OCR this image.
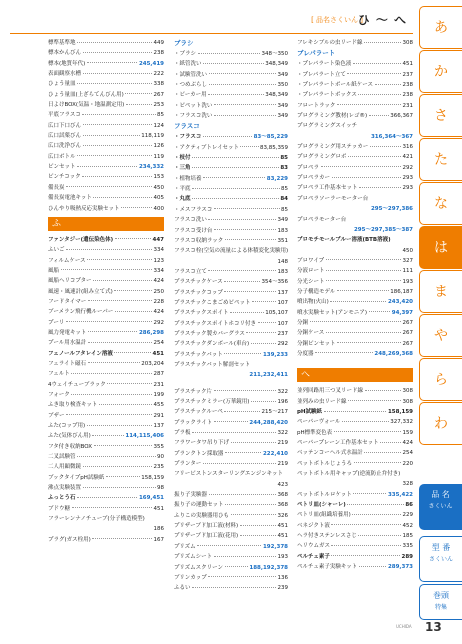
[ 品名さくいん ]
ひ ～ へ
標準基準地	449
標本かんびん	238
標本(地質年代)	245,419
表面観察水槽	222
ひょう量皿	338
ひょう量皿(上ざらてんびん用)	267
日よけBOX(気温・地温測定用)	253
平底フラスコ	85
広口下口びん	124
広口試薬びん	118,119
広口洗浄びん	126
広口ボトル	119
ピンセット	234,332
ピンチコック	153
備長炭	450
備長炭電池キット	405
ひんやり吸熱反応実験セット	400
ふ
ファンタジー(遺伝染色体)	447
ふいご	334
フィルムケース	123
風船	334
風船ヘリコプター	424
風速・風速計(組み立て式)	250
フードタイマー	228
ブーメラン飛行機ルーパー	424
プーリ	292
風力発電キット	286,298
プール用水温計	254
フェノールフタレイン溶液	451
フェライト磁石	203,204
フェルト	287
4ウェイチューブラック	231
フォーク	199
ふき取り検査キット	455
ブザー	291
ふた(コップ用)	137
ふた(気体びん用)	114,115,406
フタ付き収納BOX	355
二叉試験管	90
二人用顕微鏡	235
ブックタイプpH試験紙	158,159
沸点実験装置	98
ふっとう石	169,451
ブドウ糖	451
フラーレンナノチューブ(分子構造模型)
186
プラグ(ガス栓用)	167
ブラシ
・ブラシ	348～350
・紙管洗い	348,349
・試験管洗い	349
・つめぶらし	350
・ビーカー用	348,349
・ピペット洗い	349
・フラスコ洗い	349
フラスコ
・フラスコ	83～85,229
・アクティブトレイセット	83,85,359
・枝付	85
・三角	83
・植物培養	83,229
・平底	85
・丸底	84
・メスフラスコ	85
フラスコ洗い	349
フラスコ受け台	183
フラスコ収納ラック	351
フラスコ栓(空気の流量による体積変化実験用)
148
フラスコ立て	183
プラスチックケース	354～356
プラスチックコップ	137
プラスチックこまごめピペット	107
プラスチックスポイト	105,107
プラスチックスポイトホコリ付き	107
プラスチック製カバーグラス	237
プラスチックダンボール(車台)	292
プラスチックバット	139,233
プラスチックバット解剖セット
211,232,411
プラスチック片	322
プラスチックミラー(万華鏡用)	196
プラスチックルーペ	215～217
プラックライト	244,288,420
プラ板	322
フラワータワ吊り下げ	219
プランクトン採取器	222,410
プランター	219
フリービストンスターリングエンジンキット
423
振り子実験器	368
振り子の運動セット	368
ふりこの実験器用ひも	326
プリザーブド加工液(材料)	451
プリザーブド加工液(花用)	451
プリズム	192,378
プリズムシート	193
プリズムスクリーン	188,192,378
ブリンカップ	136
ふるい	239
フレキシブルの虫リード線	308
ブレパラート
・プレパラート染色液	451
・プレパラート立て	237
・プレパラートボール紙ケース	238
・プレパラートボックス	238
フロートラック	231
プログラミング教材(レゴ®)	366,367
プログラミングスイッチ
316,364～367
プログラミング用ステッカー	316
プログラミングロボ	421
プロペラ	292
プロペラカー	293
プロペラ工作基本セット	293
プロペラソーラーモーター台
295～297,386
プロペラモーター台
295～297,385～387
ブロモチモールブルー溶液(BTB溶液)
450
ブロワイプ	327
分液ロート	111
分光シート	193
分子構造モデル	186,187
噴出物(火山)	243,420
噴水実験セット(アンモニア)	94,397
分銅	267
分銅ケース	267
分銅ピンセット	267
分度器	248,269,368
へ
並列回路用三つ叉リード線	308
並列みの虫リード線	308
pH試験紙	158,159
ペーパーヴォール	327,332
pH標準変色表	159
ペーパープレーン工作基本セット	424
ベッテンコーヘル式水温計	254
ペットボトルじょうろ	220
ペットボトル用キャップ(逆流防止弁付き)
328
ペットボトルロケット	335,422
ペトリ皿(シャーレ)	86
ペトリ皿(組織培養用)	229
ベネジクト液	452
ヘラ付きステンレスさじ	185
ヘリウムガス	335
ペルチェ素子	289
ペルチェ素子実験キット	289,373
あ
か
さ
た
な
は
ま
や
ら
わ
品 名
さくいん
型 番
さくいん
巻頭
特集
UCHIDA 13
